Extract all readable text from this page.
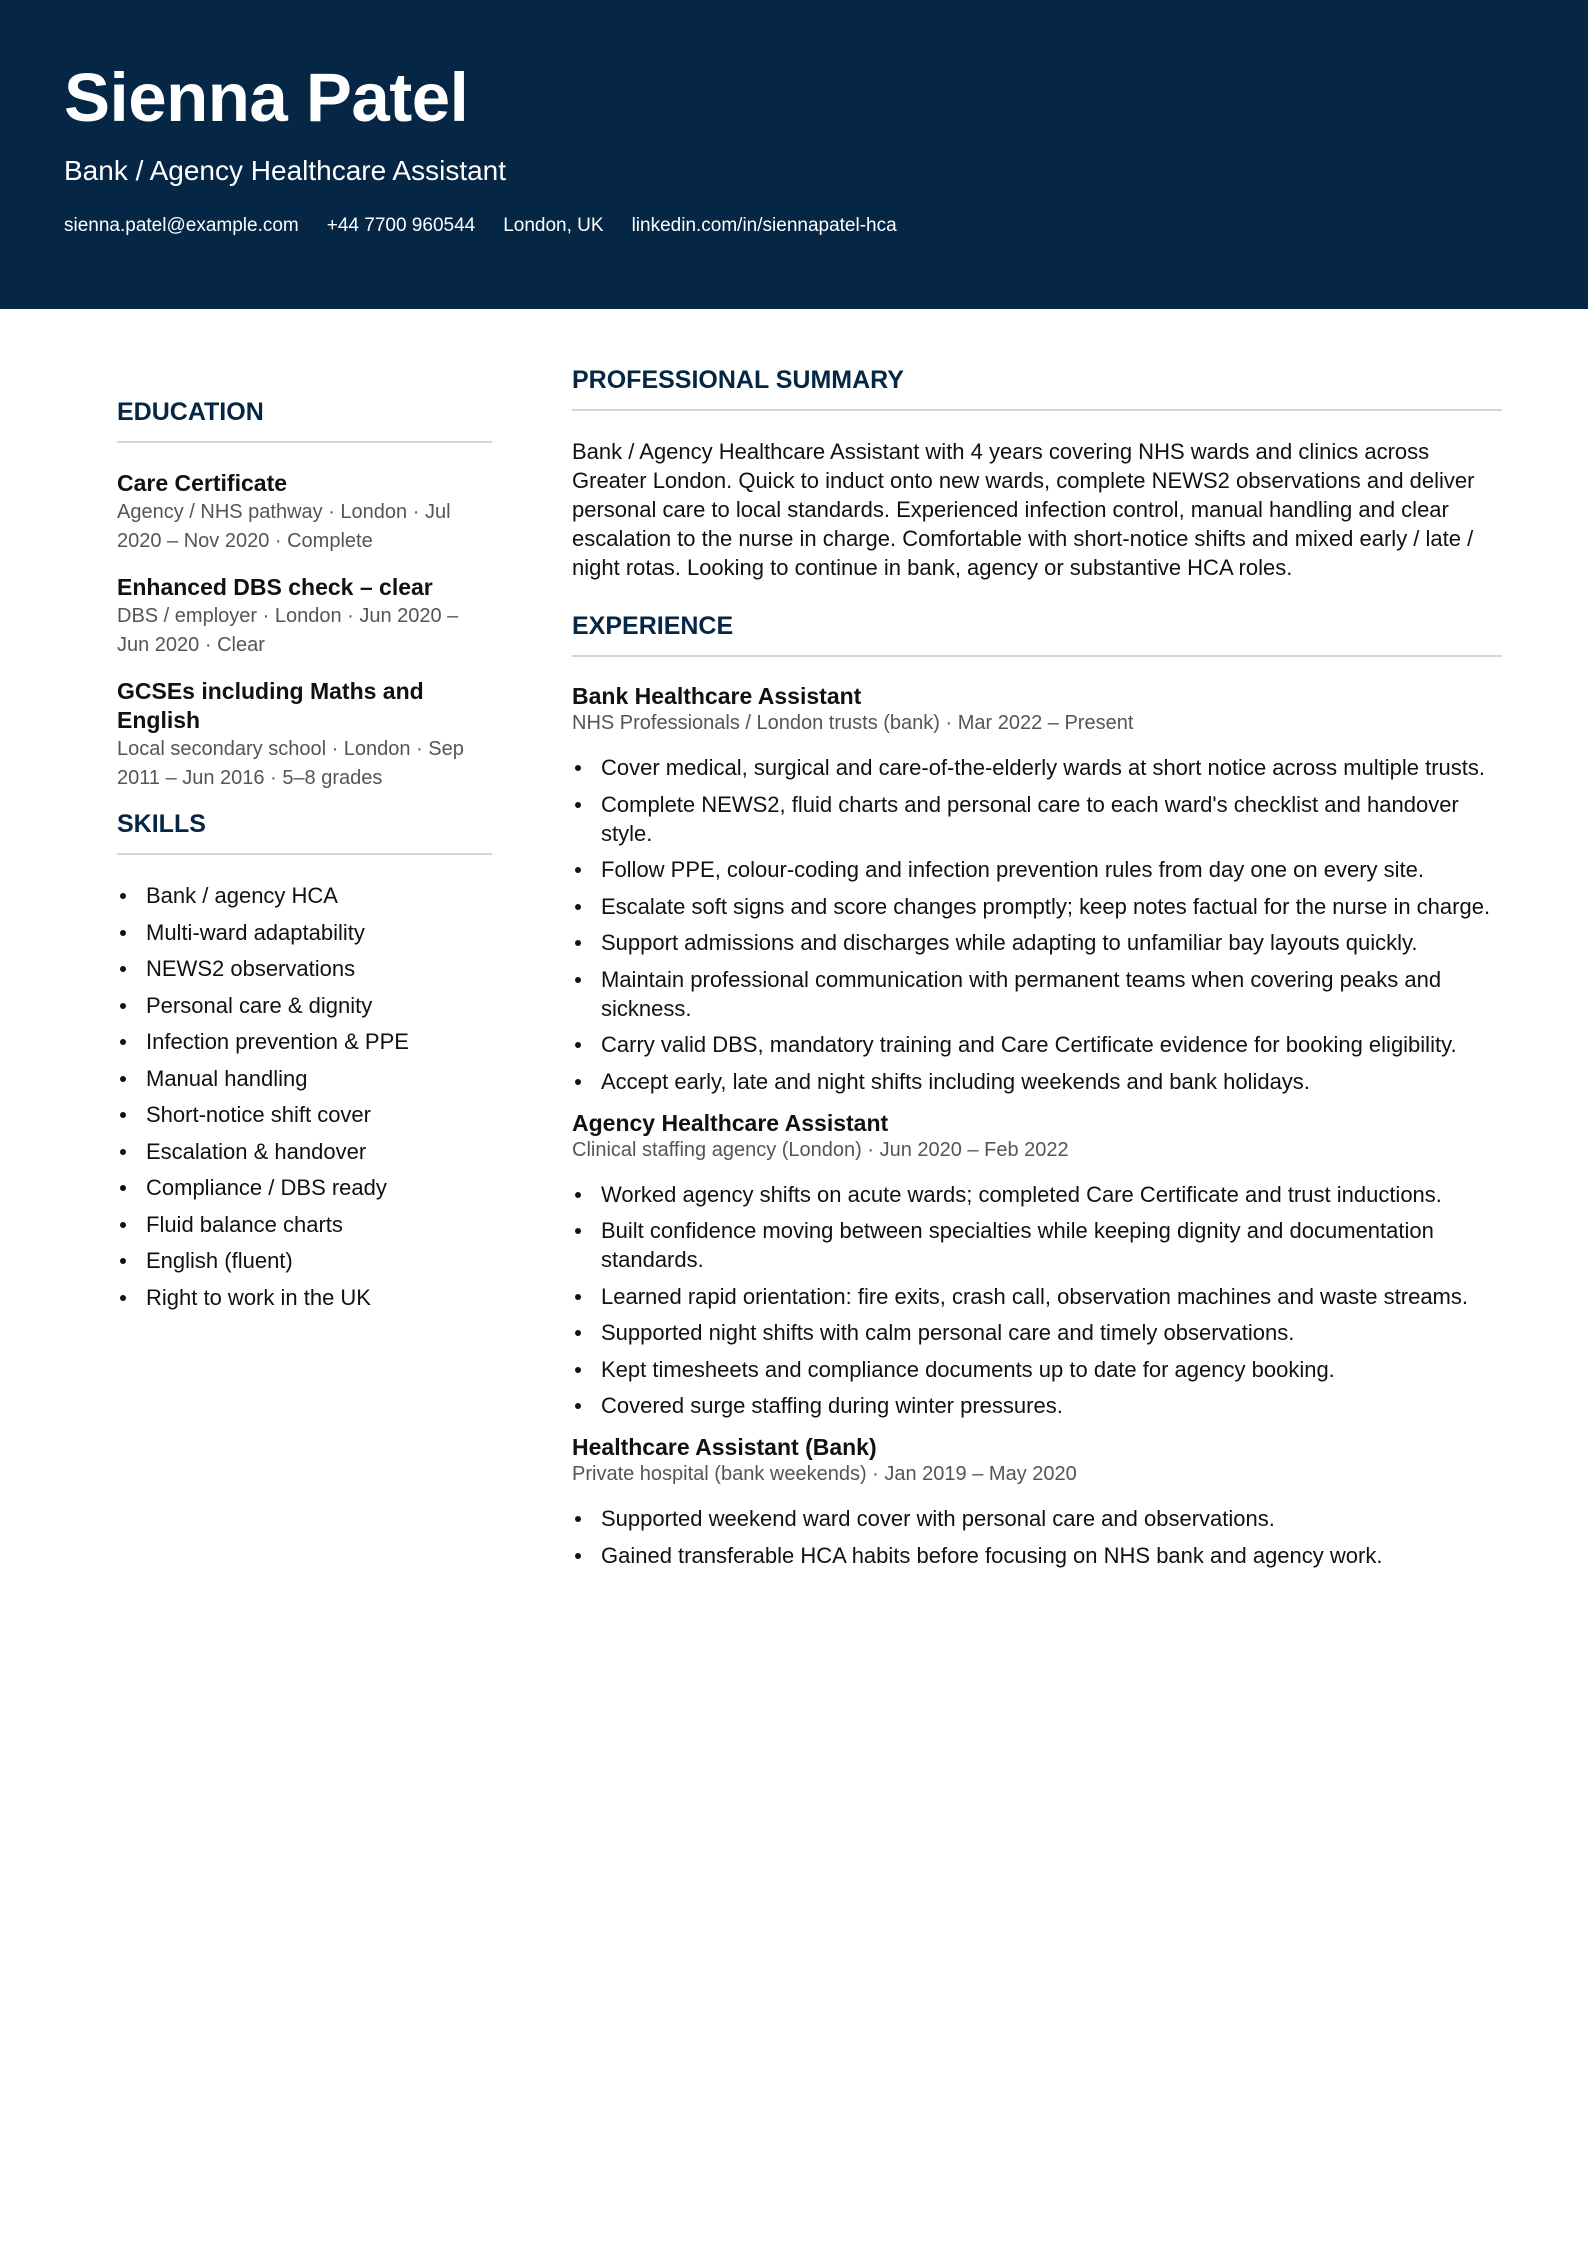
Sienna Patel
Bank / Agency Healthcare Assistant
sienna.patel@example.com +44 7700 960544 London, UK linkedin.com/in/siennapatel-hca
EDUCATION
Care Certificate
Agency / NHS pathway · London · Jul 2020 – Nov 2020 · Complete
Enhanced DBS check – clear
DBS / employer · London · Jun 2020 – Jun 2020 · Clear
GCSEs including Maths and English
Local secondary school · London · Sep 2011 – Jun 2016 · 5–8 grades
SKILLS
Bank / agency HCA
Multi-ward adaptability
NEWS2 observations
Personal care & dignity
Infection prevention & PPE
Manual handling
Short-notice shift cover
Escalation & handover
Compliance / DBS ready
Fluid balance charts
English (fluent)
Right to work in the UK
PROFESSIONAL SUMMARY

Bank / Agency Healthcare Assistant with 4 years covering NHS wards and clinics across Greater London. Quick to induct onto new wards, complete NEWS2 observations and deliver personal care to local standards. Experienced infection control, manual handling and clear escalation to the nurse in charge. Comfortable with short-notice shifts and mixed early / late / night rotas. Looking to continue in bank, agency or substantive HCA roles.

EXPERIENCE
Bank Healthcare Assistant
NHS Professionals / London trusts (bank) · Mar 2022 – Present
Cover medical, surgical and care-of-the-elderly wards at short notice across multiple trusts.
Complete NEWS2, fluid charts and personal care to each ward's checklist and handover style.
Follow PPE, colour-coding and infection prevention rules from day one on every site.
Escalate soft signs and score changes promptly; keep notes factual for the nurse in charge.
Support admissions and discharges while adapting to unfamiliar bay layouts quickly.
Maintain professional communication with permanent teams when covering peaks and sickness.
Carry valid DBS, mandatory training and Care Certificate evidence for booking eligibility.
Accept early, late and night shifts including weekends and bank holidays.
Agency Healthcare Assistant
Clinical staffing agency (London) · Jun 2020 – Feb 2022
Worked agency shifts on acute wards; completed Care Certificate and trust inductions.
Built confidence moving between specialties while keeping dignity and documentation standards.
Learned rapid orientation: fire exits, crash call, observation machines and waste streams.
Supported night shifts with calm personal care and timely observations.
Kept timesheets and compliance documents up to date for agency booking.
Covered surge staffing during winter pressures.
Healthcare Assistant (Bank)
Private hospital (bank weekends) · Jan 2019 – May 2020
Supported weekend ward cover with personal care and observations.
Gained transferable HCA habits before focusing on NHS bank and agency work.
